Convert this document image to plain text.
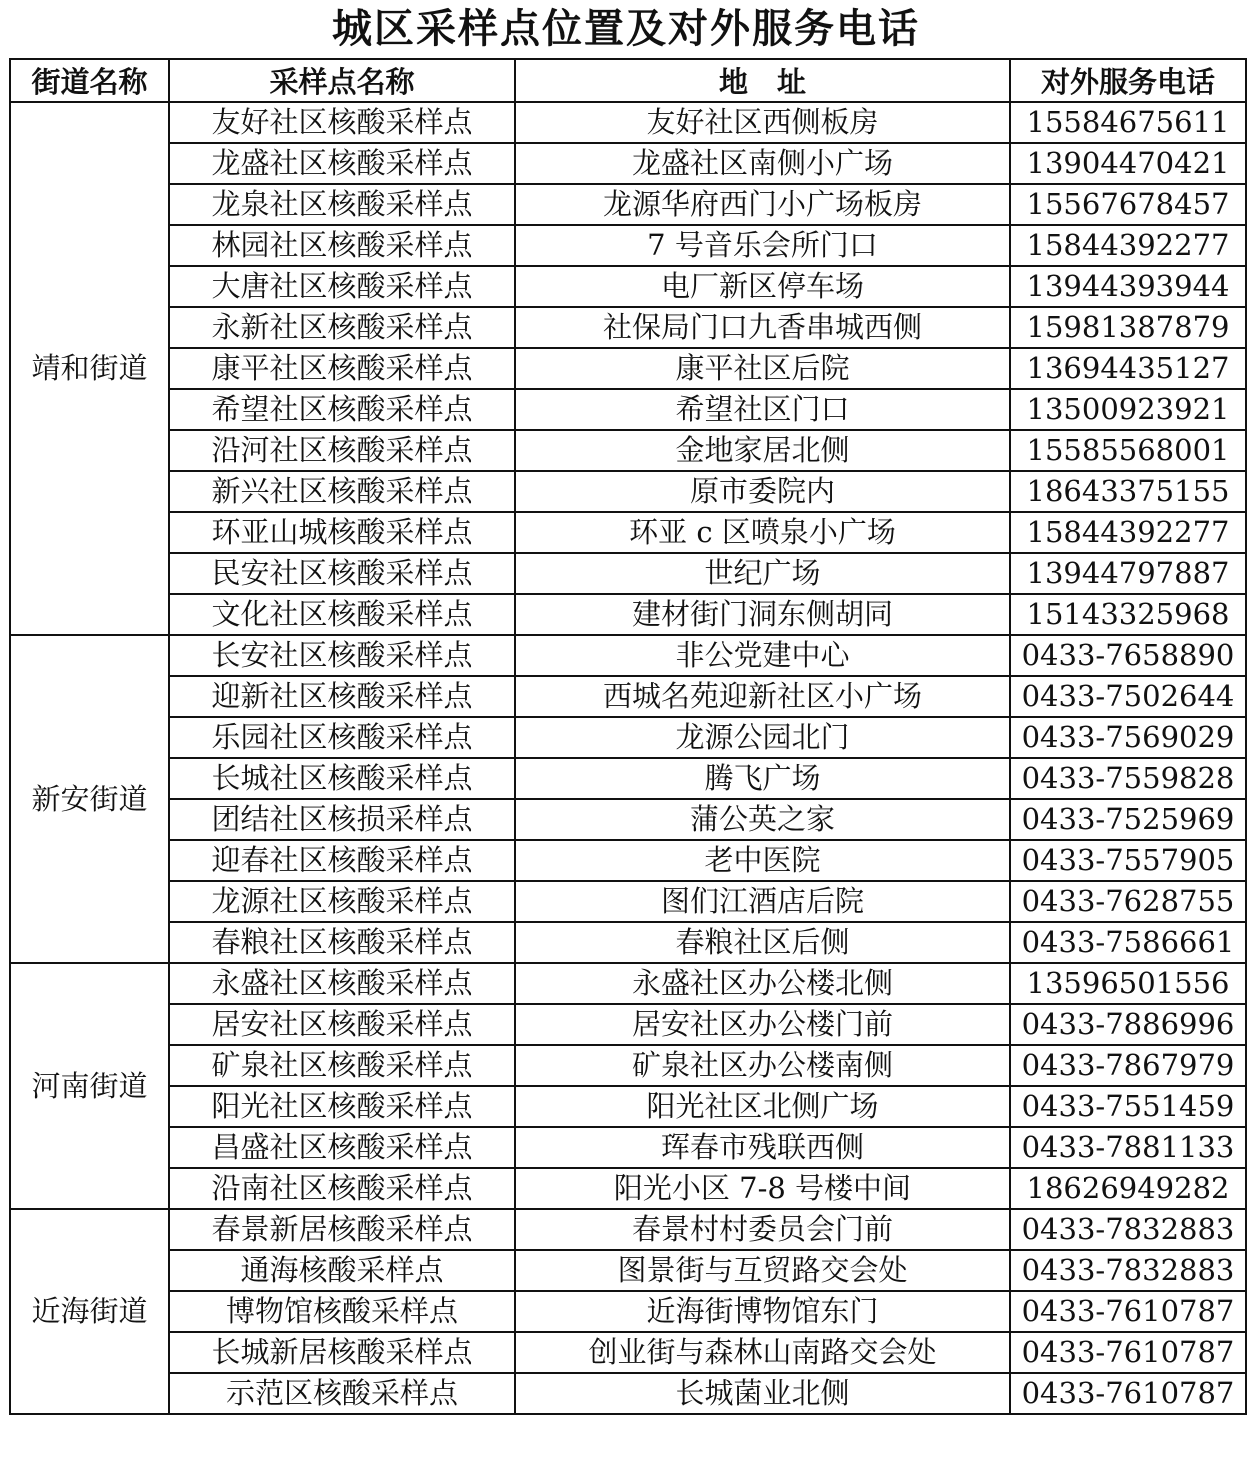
城区采样点位置及对外服务电话
街道名称	采样点名称	地　址	对外服务电话
靖和街道	友好社区核酸采样点	友好社区西侧板房	15584675611
	龙盛社区核酸采样点	龙盛社区南侧小广场	13904470421
	龙泉社区核酸采样点	龙源华府西门小广场板房	15567678457
	林园社区核酸采样点	7 号音乐会所门口	15844392277
	大唐社区核酸采样点	电厂新区停车场	13944393944
	永新社区核酸采样点	社保局门口九香串城西侧	15981387879
	康平社区核酸采样点	康平社区后院	13694435127
	希望社区核酸采样点	希望社区门口	13500923921
	沿河社区核酸采样点	金地家居北侧	15585568001
	新兴社区核酸采样点	原市委院内	18643375155
	环亚山城核酸采样点	环亚 c 区喷泉小广场	15844392277
	民安社区核酸采样点	世纪广场	13944797887
	文化社区核酸采样点	建材街门洞东侧胡同	15143325968
新安街道	长安社区核酸采样点	非公党建中心	0433-7658890
	迎新社区核酸采样点	西城名苑迎新社区小广场	0433-7502644
	乐园社区核酸采样点	龙源公园北门	0433-7569029
	长城社区核酸采样点	腾飞广场	0433-7559828
	团结社区核损采样点	蒲公英之家	0433-7525969
	迎春社区核酸采样点	老中医院	0433-7557905
	龙源社区核酸采样点	图们江酒店后院	0433-7628755
	春粮社区核酸采样点	春粮社区后侧	0433-7586661
河南街道	永盛社区核酸采样点	永盛社区办公楼北侧	13596501556
	居安社区核酸采样点	居安社区办公楼门前	0433-7886996
	矿泉社区核酸采样点	矿泉社区办公楼南侧	0433-7867979
	阳光社区核酸采样点	阳光社区北侧广场	0433-7551459
	昌盛社区核酸采样点	珲春市残联西侧	0433-7881133
	沿南社区核酸采样点	阳光小区 7-8 号楼中间	18626949282
近海街道	春景新居核酸采样点	春景村村委员会门前	0433-7832883
	通海核酸采样点	图景街与互贸路交会处	0433-7832883
	博物馆核酸采样点	近海街博物馆东门	0433-7610787
	长城新居核酸采样点	创业街与森林山南路交会处	0433-7610787
	示范区核酸采样点	长城菌业北侧	0433-7610787
